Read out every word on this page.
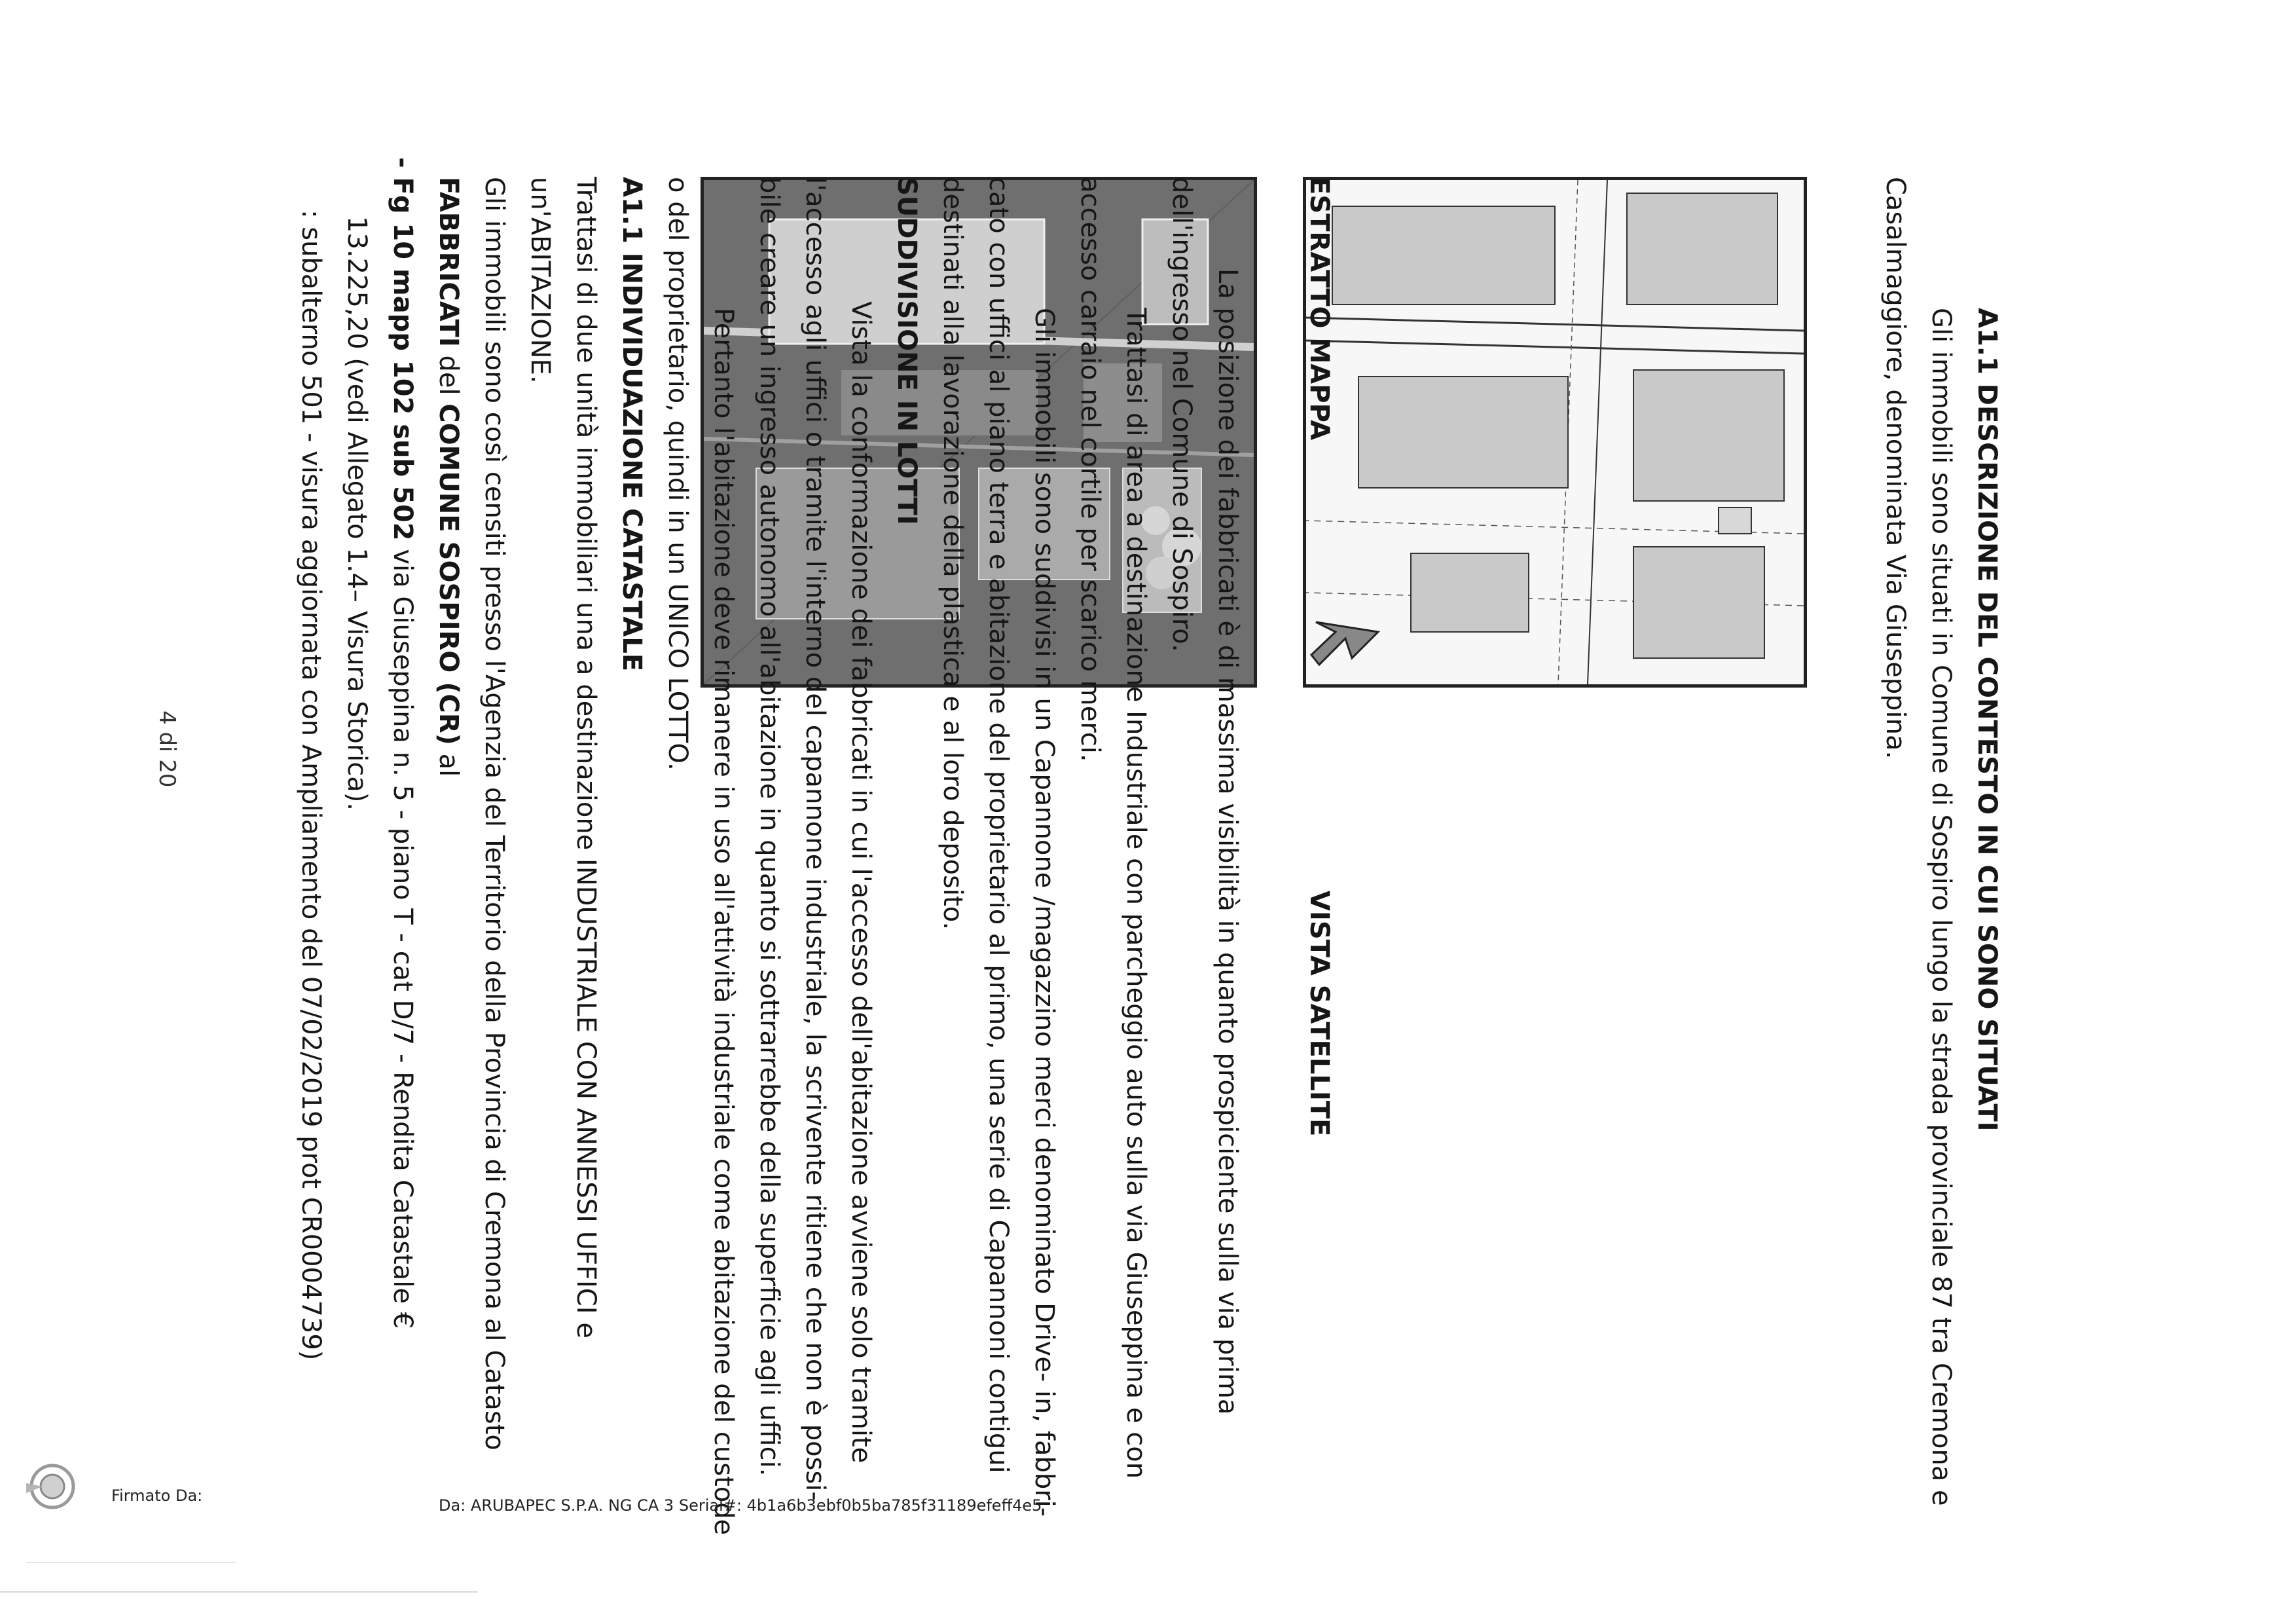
A1.1 DESCRIZIONE DEL CONTESTO IN CUI SONO SITUATI

Gli immobili sono situati in Comune di Sospiro lungo la strada provinciale 87 tra Cremona e

Casalmaggiore, denominata Via Giuseppina.

ESTRATTO MAPPA

VISTA SATELLITE

La posizione dei fabbricati è di massima visibilità in quanto prospiciente sulla via prima

dell'ingresso nel Comune di Sospiro.

Trattasi di area a destinazione Industriale con parcheggio auto sulla via Giuseppina e con

accesso carraio nel cortile per scarico merci.

Gli immobili sono suddivisi in un Capannone /magazzino merci denominato Drive- in, fabbri-

cato con uffici al piano terra e abitazione del proprietario al primo, una serie di Capannoni contigui

destinati alla lavorazione della plastica e al loro deposito.

SUDDIVISIONE IN LOTTI

Vista la conformazione dei fabbricati in cui l'accesso dell'abitazione avviene solo tramite

l'accesso agli uffici o tramite l'interno del capannone industriale, la scrivente ritiene che non è possi-

bile creare un ingresso autonomo all'abitazione in quanto si sottrarrebbe della superficie agli uffici.

Pertanto l'abitazione deve rimanere in uso all'attività industriale come abitazione del custode

o del proprietario, quindi in un UNICO LOTTO.

A1.1 INDIVIDUAZIONE CATASTALE

Trattasi di due unità immobiliari una a destinazione INDUSTRIALE CON ANNESSI UFFICI e

un'ABITAZIONE.

Gli immobili sono così censiti presso l'Agenzia del Territorio della Provincia di Cremona al Catasto

FABBRICATI del COMUNE SOSPIRO (CR) al

- Fg 10 mapp 102 sub 502 via Giuseppina n. 5 - piano T - cat D/7 - Rendita Catastale €

13.225,20 (vedi Allegato 1.4– Visura Storica).

: subalterno 501 - visura aggiornata con Ampliamento del 07/02/2019 prot CR0004739)

4 di 20

Firmato Da:
Da: ARUBAPEC S.P.A. NG CA 3 Serial#: 4b1a6b3ebf0b5ba785f31189efeff4e5
